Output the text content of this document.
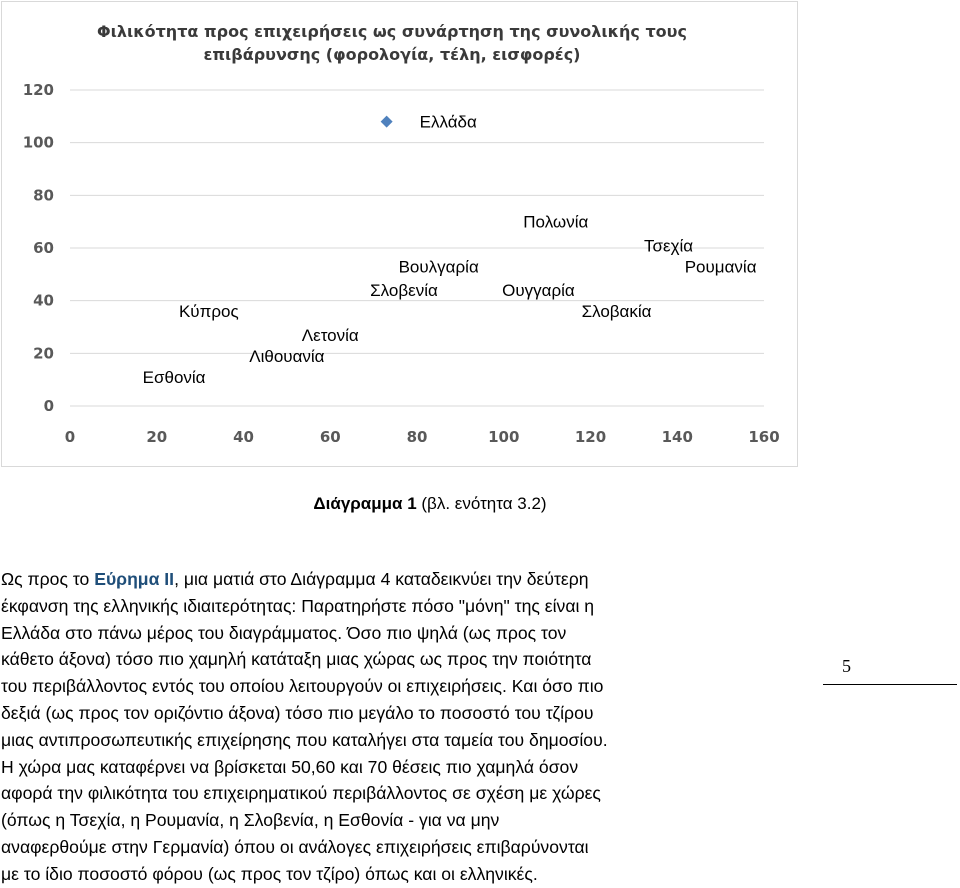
Φιλικότητα προς επιχειρήσεις ως συνάρτηση της συνολικής τους
επιβάρυνσης (φορολογία, τέλη, εισφορές)
0
20
40
60
80
100
120
0	20	40	60	80	100	120	140	160
Ελλάδα
Πολωνία
Τσεχία
Βουλγαρία	Ρουμανία
Σλοβενία	Ουγγαρία
Κύπρος	Σλοβακία
Λετονία
Λιθουανία
Εσθονία
Διάγραμμα 1 (βλ. ενότητα 3.2)
Ως προς το Εύρημα ΙΙ, μια ματιά στο Διάγραμμα 4 καταδεικνύει την δεύτερη
έκφανση της ελληνικής ιδιαιτερότητας: Παρατηρήστε πόσο "μόνη" της είναι η
Ελλάδα στο πάνω μέρος του διαγράμματος. Όσο πιο ψηλά (ως προς τον
κάθετο άξονα) τόσο πιο χαμηλή κατάταξη μιας χώρας ως προς την ποιότητα
του περιβάλλοντος εντός του οποίου λειτουργούν οι επιχειρήσεις. Και όσο πιο
δεξιά (ως προς τον οριζόντιο άξονα) τόσο πιο μεγάλο το ποσοστό του τζίρου
μιας αντιπροσωπευτικής επιχείρησης που καταλήγει στα ταμεία του δημοσίου.
Η χώρα μας καταφέρνει να βρίσκεται 50,60 και 70 θέσεις πιο χαμηλά όσον
αφορά την φιλικότητα του επιχειρηματικού περιβάλλοντος σε σχέση με χώρες
(όπως η Τσεχία, η Ρουμανία, η Σλοβενία, η Εσθονία - για να μην
αναφερθούμε στην Γερμανία) όπου οι ανάλογες επιχειρήσεις επιβαρύνονται
με το ίδιο ποσοστό φόρου (ως προς τον τζίρο) όπως και οι ελληνικές.
5
